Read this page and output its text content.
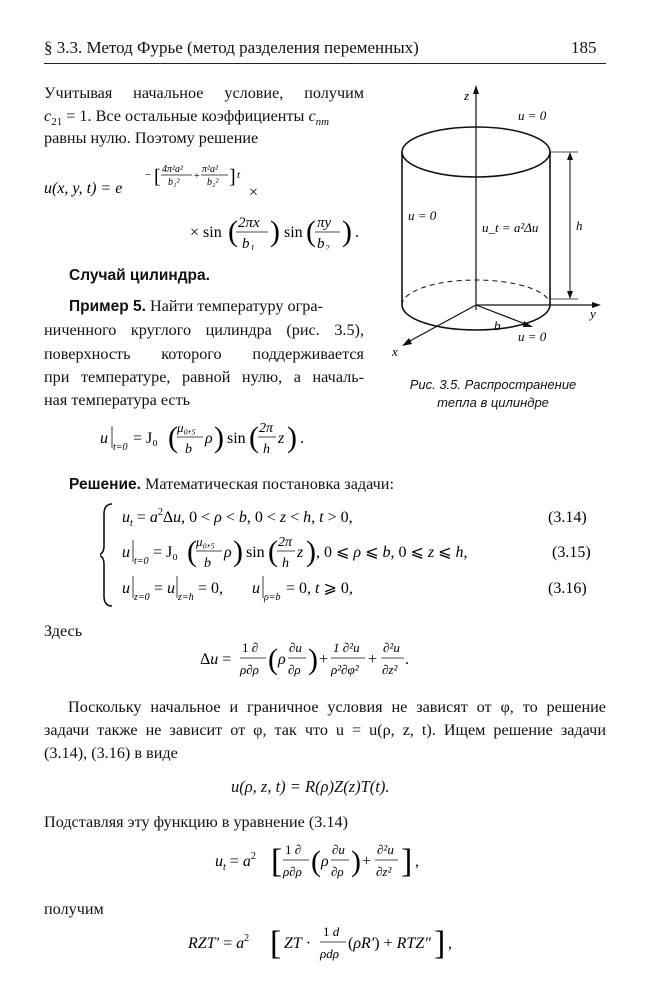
§ 3.3. Метод Фурье (метод разделения переменных)	185
Учитывая начальное условие, получим
$c_{21} = 1$. Все остальные коэффициенты $c_{nm}$
равны нулю. Поэтому решение
u(x, y, t) = e
− [ 4π²a²
b₁²
+
π²a²
b₂² ] t
×
× sin ( 2πx
b₁ ) sin ( πy
b₂ ) .
Случай цилиндра.
Пример 5. Найти температуру огра-
ниченного круглого цилиндра (рис. 3.5),
поверхность которого поддерживается
при температуре, равной нулю, а началь-
ная температура есть
u
t=0
= J₀ ( μ₀,₅
b
ρ ) sin ( 2π
h
z ) .
z
y
x
b
h
u = 0
u = 0
u_t = a²Δu
u = 0
Рис. 3.5. Распространение
тепла в цилиндре
Решение. Математическая постановка задачи:
$u_t = a^2\Delta u$, 0 < ρ < b, 0 < z < h, t > 0,	(3.14)
u
t=0
= J₀ ( μ₀,₅
b
ρ ) sin ( 2π
h
z ) , 0 ⩽ ρ ⩽ b, 0 ⩽ z ⩽ h,	(3.15)
u
z=0
= u
z=h
= 0, u
ρ=b
= 0, t ⩾ 0,	(3.16)
Здесь
Δu =
1 ∂
ρ∂ρ ( ρ
∂u
∂ρ ) +
1 ∂²u
ρ²∂φ²
+
∂²u
∂z²
.
Поскольку начальное и граничное условия не зависят от φ, то решение
задачи также не зависит от φ, так что u = u(ρ, z, t). Ищем решение задачи
(3.14), (3.16) в виде
u(ρ, z, t) = R(ρ)Z(z)T(t).
Подставляя эту функцию в уравнение (3.14)
$u_t = a^2$ [ 1 ∂
ρ∂ρ ( ρ
∂u
∂ρ ) +
∂²u
∂z² ] ,
получим
$RZT' = a^2$ [ ZT ·
1 d
ρdρ
(ρR′) + RTZ″ ] ,
